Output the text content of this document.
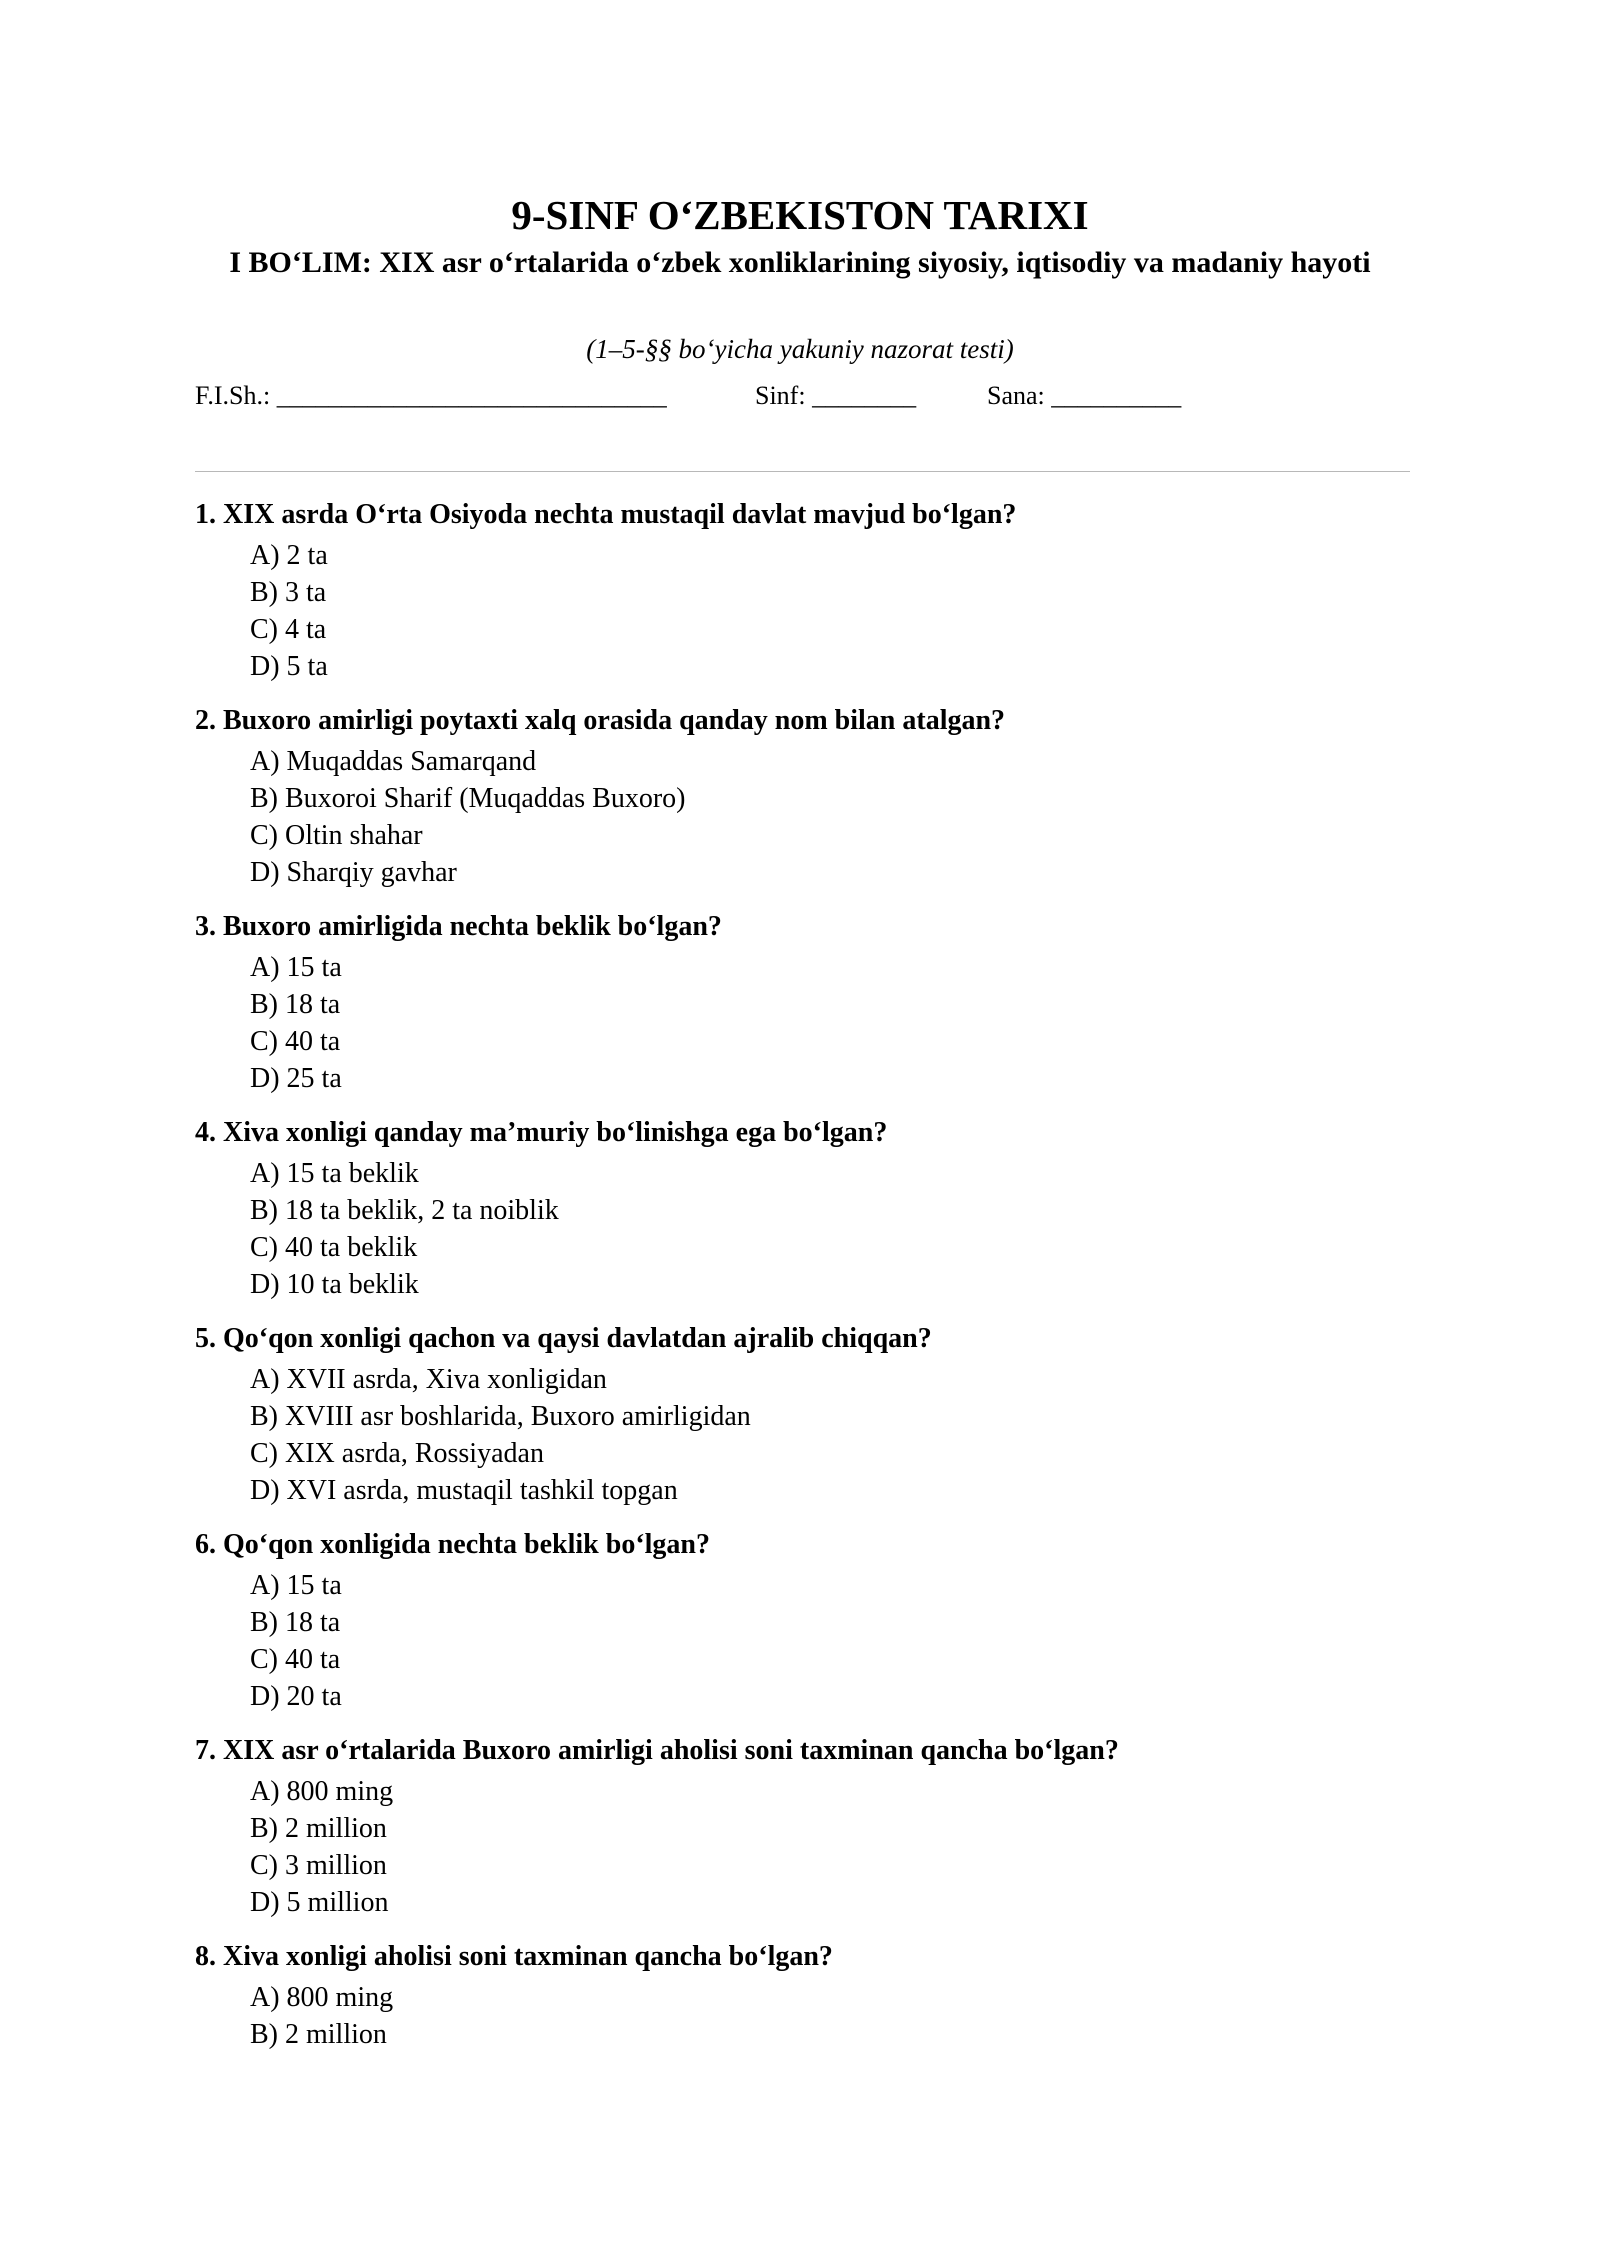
9-SINF O‘ZBEKISTON TARIXI
I BO‘LIM: XIX asr o‘rtalarida o‘zbek xonliklarining siyosiy, iqtisodiy va madaniy hayoti
(1–5-§§ bo‘yicha yakuniy nazorat testi)
F.I.Sh.: ______________________________	Sinf: ________	Sana: __________
1. XIX asrda O‘rta Osiyoda nechta mustaqil davlat mavjud bo‘lgan?
A) 2 ta
B) 3 ta
C) 4 ta
D) 5 ta
2. Buxoro amirligi poytaxti xalq orasida qanday nom bilan atalgan?
A) Muqaddas Samarqand
B) Buxoroi Sharif (Muqaddas Buxoro)
C) Oltin shahar
D) Sharqiy gavhar
3. Buxoro amirligida nechta beklik bo‘lgan?
A) 15 ta
B) 18 ta
C) 40 ta
D) 25 ta
4. Xiva xonligi qanday ma’muriy bo‘linishga ega bo‘lgan?
A) 15 ta beklik
B) 18 ta beklik, 2 ta noiblik
C) 40 ta beklik
D) 10 ta beklik
5. Qo‘qon xonligi qachon va qaysi davlatdan ajralib chiqqan?
A) XVII asrda, Xiva xonligidan
B) XVIII asr boshlarida, Buxoro amirligidan
C) XIX asrda, Rossiyadan
D) XVI asrda, mustaqil tashkil topgan
6. Qo‘qon xonligida nechta beklik bo‘lgan?
A) 15 ta
B) 18 ta
C) 40 ta
D) 20 ta
7. XIX asr o‘rtalarida Buxoro amirligi aholisi soni taxminan qancha bo‘lgan?
A) 800 ming
B) 2 million
C) 3 million
D) 5 million
8. Xiva xonligi aholisi soni taxminan qancha bo‘lgan?
A) 800 ming
B) 2 million
